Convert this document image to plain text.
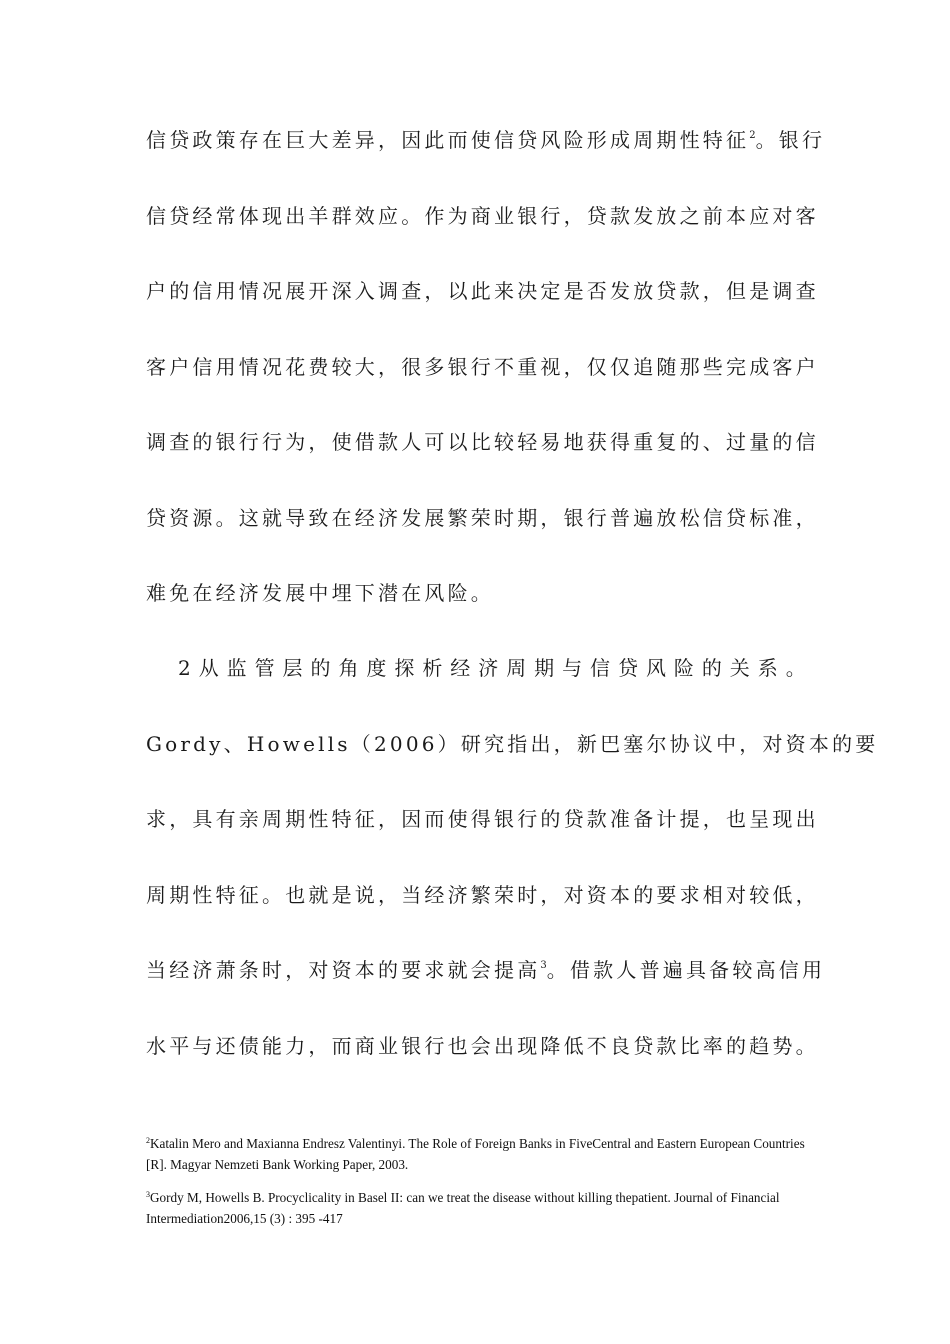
信贷政策存在巨大差异，因此而使信贷风险形成周期性特征$^2$。银行
信贷经常体现出羊群效应。作为商业银行，贷款发放之前本应对客
户的信用情况展开深入调查，以此来决定是否发放贷款，但是调查
客户信用情况花费较大，很多银行不重视，仅仅追随那些完成客户
调查的银行行为，使借款人可以比较轻易地获得重复的、过量的信
贷资源。这就导致在经济发展繁荣时期，银行普遍放松信贷标准，
难免在经济发展中埋下潜在风险。
2 从 监 管 层 的 角 度 探 析 经 济 周 期 与 信 贷 风 险 的 关 系 。
Gordy、Howells（2006）研究指出，新巴塞尔协议中，对资本的要
求，具有亲周期性特征，因而使得银行的贷款准备计提，也呈现出
周期性特征。也就是说，当经济繁荣时，对资本的要求相对较低，
当经济萧条时，对资本的要求就会提高$^3$。借款人普遍具备较高信用
水平与还债能力，而商业银行也会出现降低不良贷款比率的趋势。

$^2$Katalin Mero and Maxianna Endresz Valentinyi. The Role of Foreign Banks in FiveCentral and Eastern European Countries [R]. Magyar Nemzeti Bank Working Paper, 2003.

$^3$Gordy M, Howells B. Procyclicality in Basel II: can we treat the disease without killing thepatient. Journal of Financial Intermediation2006,15 (3) : 395 -417
